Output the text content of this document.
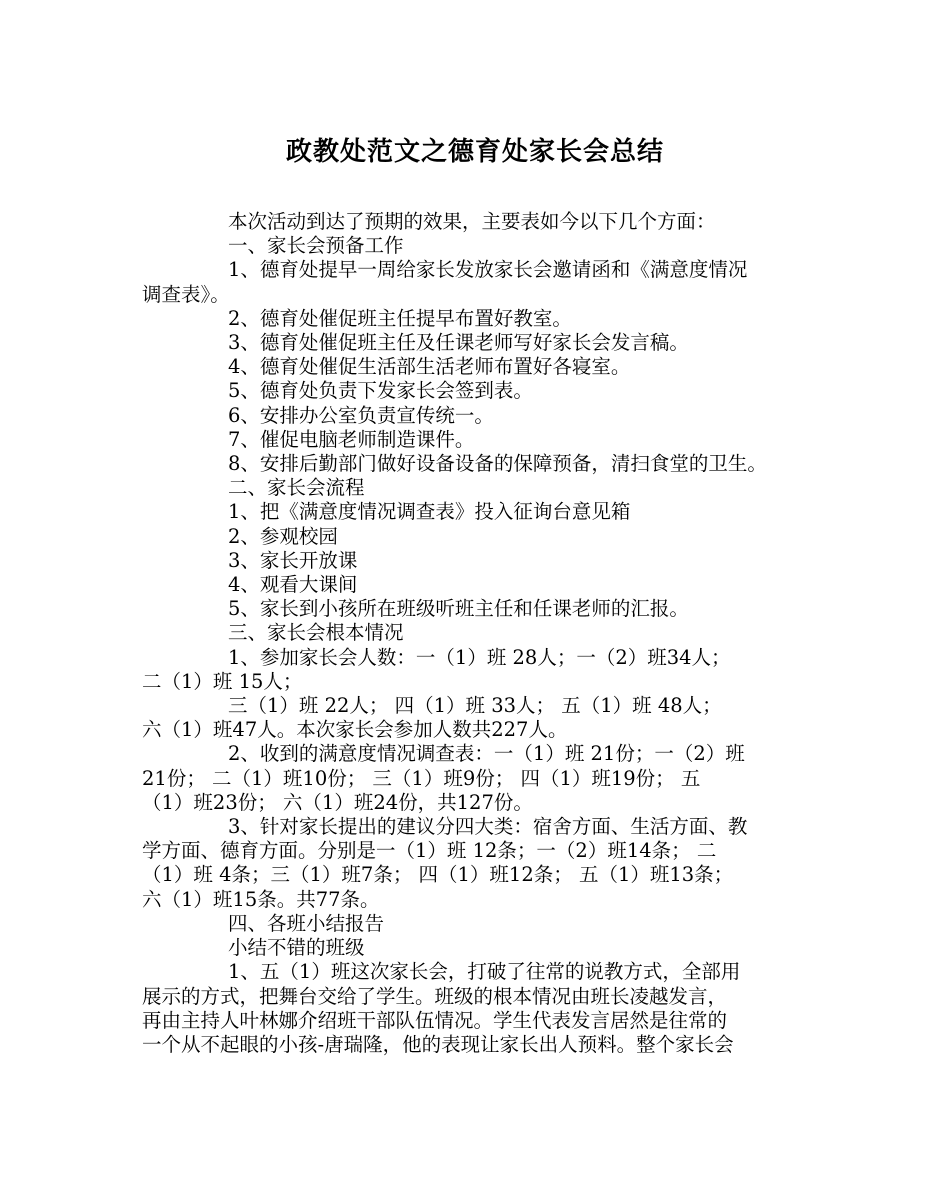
政教处范文之德育处家长会总结
本次活动到达了预期的效果，主要表如今以下几个方面：
一、家长会预备工作
1、德育处提早一周给家长发放家长会邀请函和《满意度情况
调查表》。
2、德育处催促班主任提早布置好教室。
3、德育处催促班主任及任课老师写好家长会发言稿。
4、德育处催促生活部生活老师布置好各寝室。
5、德育处负责下发家长会签到表。
6、安排办公室负责宣传统一。
7、催促电脑老师制造课件。
8、安排后勤部门做好设备设备的保障预备，清扫食堂的卫生。
二、家长会流程
1、把《满意度情况调查表》投入征询台意见箱
2、参观校园
3、家长开放课
4、观看大课间
5、家长到小孩所在班级听班主任和任课老师的汇报。
三、家长会根本情况
1、参加家长会人数：一（1）班 28人；一（2）班34人；
二（1）班 15人；
三（1）班 22人； 四（1）班 33人； 五（1）班 48人；
六（1）班47人。本次家长会参加人数共227人。
2、收到的满意度情况调查表：一（1）班 21份；一（2）班
21份； 二（1）班10份； 三（1）班9份； 四（1）班19份； 五
（1）班23份； 六（1）班24份，共127份。
3、针对家长提出的建议分四大类：宿舍方面、生活方面、教
学方面、德育方面。分别是一（1）班 12条；一（2）班14条； 二
（1）班 4条；三（1）班7条； 四（1）班12条； 五（1）班13条；
六（1）班15条。共77条。
四、各班小结报告
小结不错的班级
1、五（1）班这次家长会，打破了往常的说教方式，全部用
展示的方式，把舞台交给了学生。班级的根本情况由班长凌越发言，
再由主持人叶林娜介绍班干部队伍情况。学生代表发言居然是往常的
一个从不起眼的小孩-唐瑞隆，他的表现让家长出人预料。整个家长会
